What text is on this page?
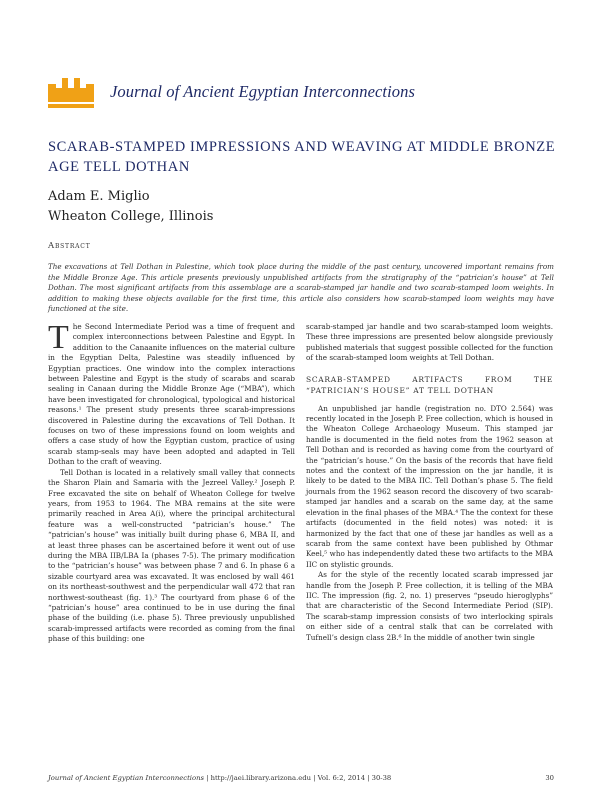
Journal of Ancient Egyptian Interconnections
SCARAB-STAMPED IMPRESSIONS AND WEAVING AT MIDDLE BRONZE AGE TELL DOTHAN
Adam E. Miglio
Wheaton College, Illinois
Abstract
The excavations at Tell Dothan in Palestine, which took place during the middle of the past century, uncovered important remains from the Middle Bronze Age. This article presents previously unpublished artifacts from the stratigraphy of the “patrician’s house” at Tell Dothan. The most significant artifacts from this assemblage are a scarab-stamped jar handle and two scarab-stamped loom weights. In addition to making these objects available for the first time, this article also considers how scarab-stamped loom weights may have functioned at the site.

The Second Intermediate Period was a time of frequent and complex interconnections between Palestine and Egypt. In addition to the Canaanite influences on the material culture in the Egyptian Delta, Palestine was steadily influenced by Egyptian practices. One window into the complex interactions between Palestine and Egypt is the study of scarabs and scarab sealing in Canaan during the Middle Bronze Age (“MBA”), which have been investigated for chronological, typological and historical reasons.¹ The present study presents three scarab-impressions discovered in Palestine during the excavations of Tell Dothan. It focuses on two of these impressions found on loom weights and offers a case study of how the Egyptian custom, practice of using scarab stamp-seals may have been adopted and adapted in Tell Dothan to the craft of weaving.

Tell Dothan is located in a relatively small valley that connects the Sharon Plain and Samaria with the Jezreel Valley.² Joseph P. Free excavated the site on behalf of Wheaton College for twelve years, from 1953 to 1964. The MBA remains at the site were primarily reached in Area A(i), where the principal architectural feature was a well-constructed “patrician’s house.” The “patrician’s house” was initially built during phase 6, MBA II, and at least three phases can be ascertained before it went out of use during the MBA IIB/LBA Ia (phases 7-5). The primary modification to the “patrician’s house” was between phase 7 and 6. In phase 6 a sizable courtyard area was excavated. It was enclosed by wall 461 on its northeast-southwest and the perpendicular wall 472 that ran northwest-southeast (fig. 1).³ The courtyard from phase 6 of the “patrician’s house” area continued to be in use during the final phase of the building (i.e. phase 5). Three previously unpublished scarab-impressed artifacts were recorded as coming from the final phase of this building: one

scarab-stamped jar handle and two scarab-stamped loom weights. These three impressions are presented below alongside previously published materials that suggest possible collected for the function of the scarab-stamped loom weights at Tell Dothan.

SCARAB-STAMPED ARTIFACTS FROM THE “PATRICIAN’S HOUSE” AT TELL DOTHAN

An unpublished jar handle (registration no. DTO 2.564) was recently located in the Joseph P. Free collection, which is housed in the Wheaton College Archaeology Museum. This stamped jar handle is documented in the field notes from the 1962 season at Tell Dothan and is recorded as having come from the courtyard of the “patrician’s house.” On the basis of the records that have field notes and the context of the impression on the jar handle, it is likely to be dated to the MBA IIC. Tell Dothan’s phase 5. The field journals from the 1962 season record the discovery of two scarab-stamped jar handles and a scarab on the same day, at the same elevation in the final phases of the MBA.⁴ The the context for these artifacts (documented in the field notes) was noted: it is harmonized by the fact that one of these jar handles as well as a scarab from the same context have been published by Othmar Keel,⁵ who has independently dated these two artifacts to the MBA IIC on stylistic grounds.

As for the style of the recently located scarab impressed jar handle from the Joseph P. Free collection, it is telling of the MBA IIC. The impression (fig. 2, no. 1) preserves “pseudo hieroglyphs” that are characteristic of the Second Intermediate Period (SIP). The scarab-stamp impression consists of two interlocking spirals on either side of a central stalk that can be correlated with Tufnell’s design class 2B.⁶ In the middle of another twin single

Journal of Ancient Egyptian Interconnections | http://jaei.library.arizona.edu | Vol. 6:2, 2014 | 30-38	30
